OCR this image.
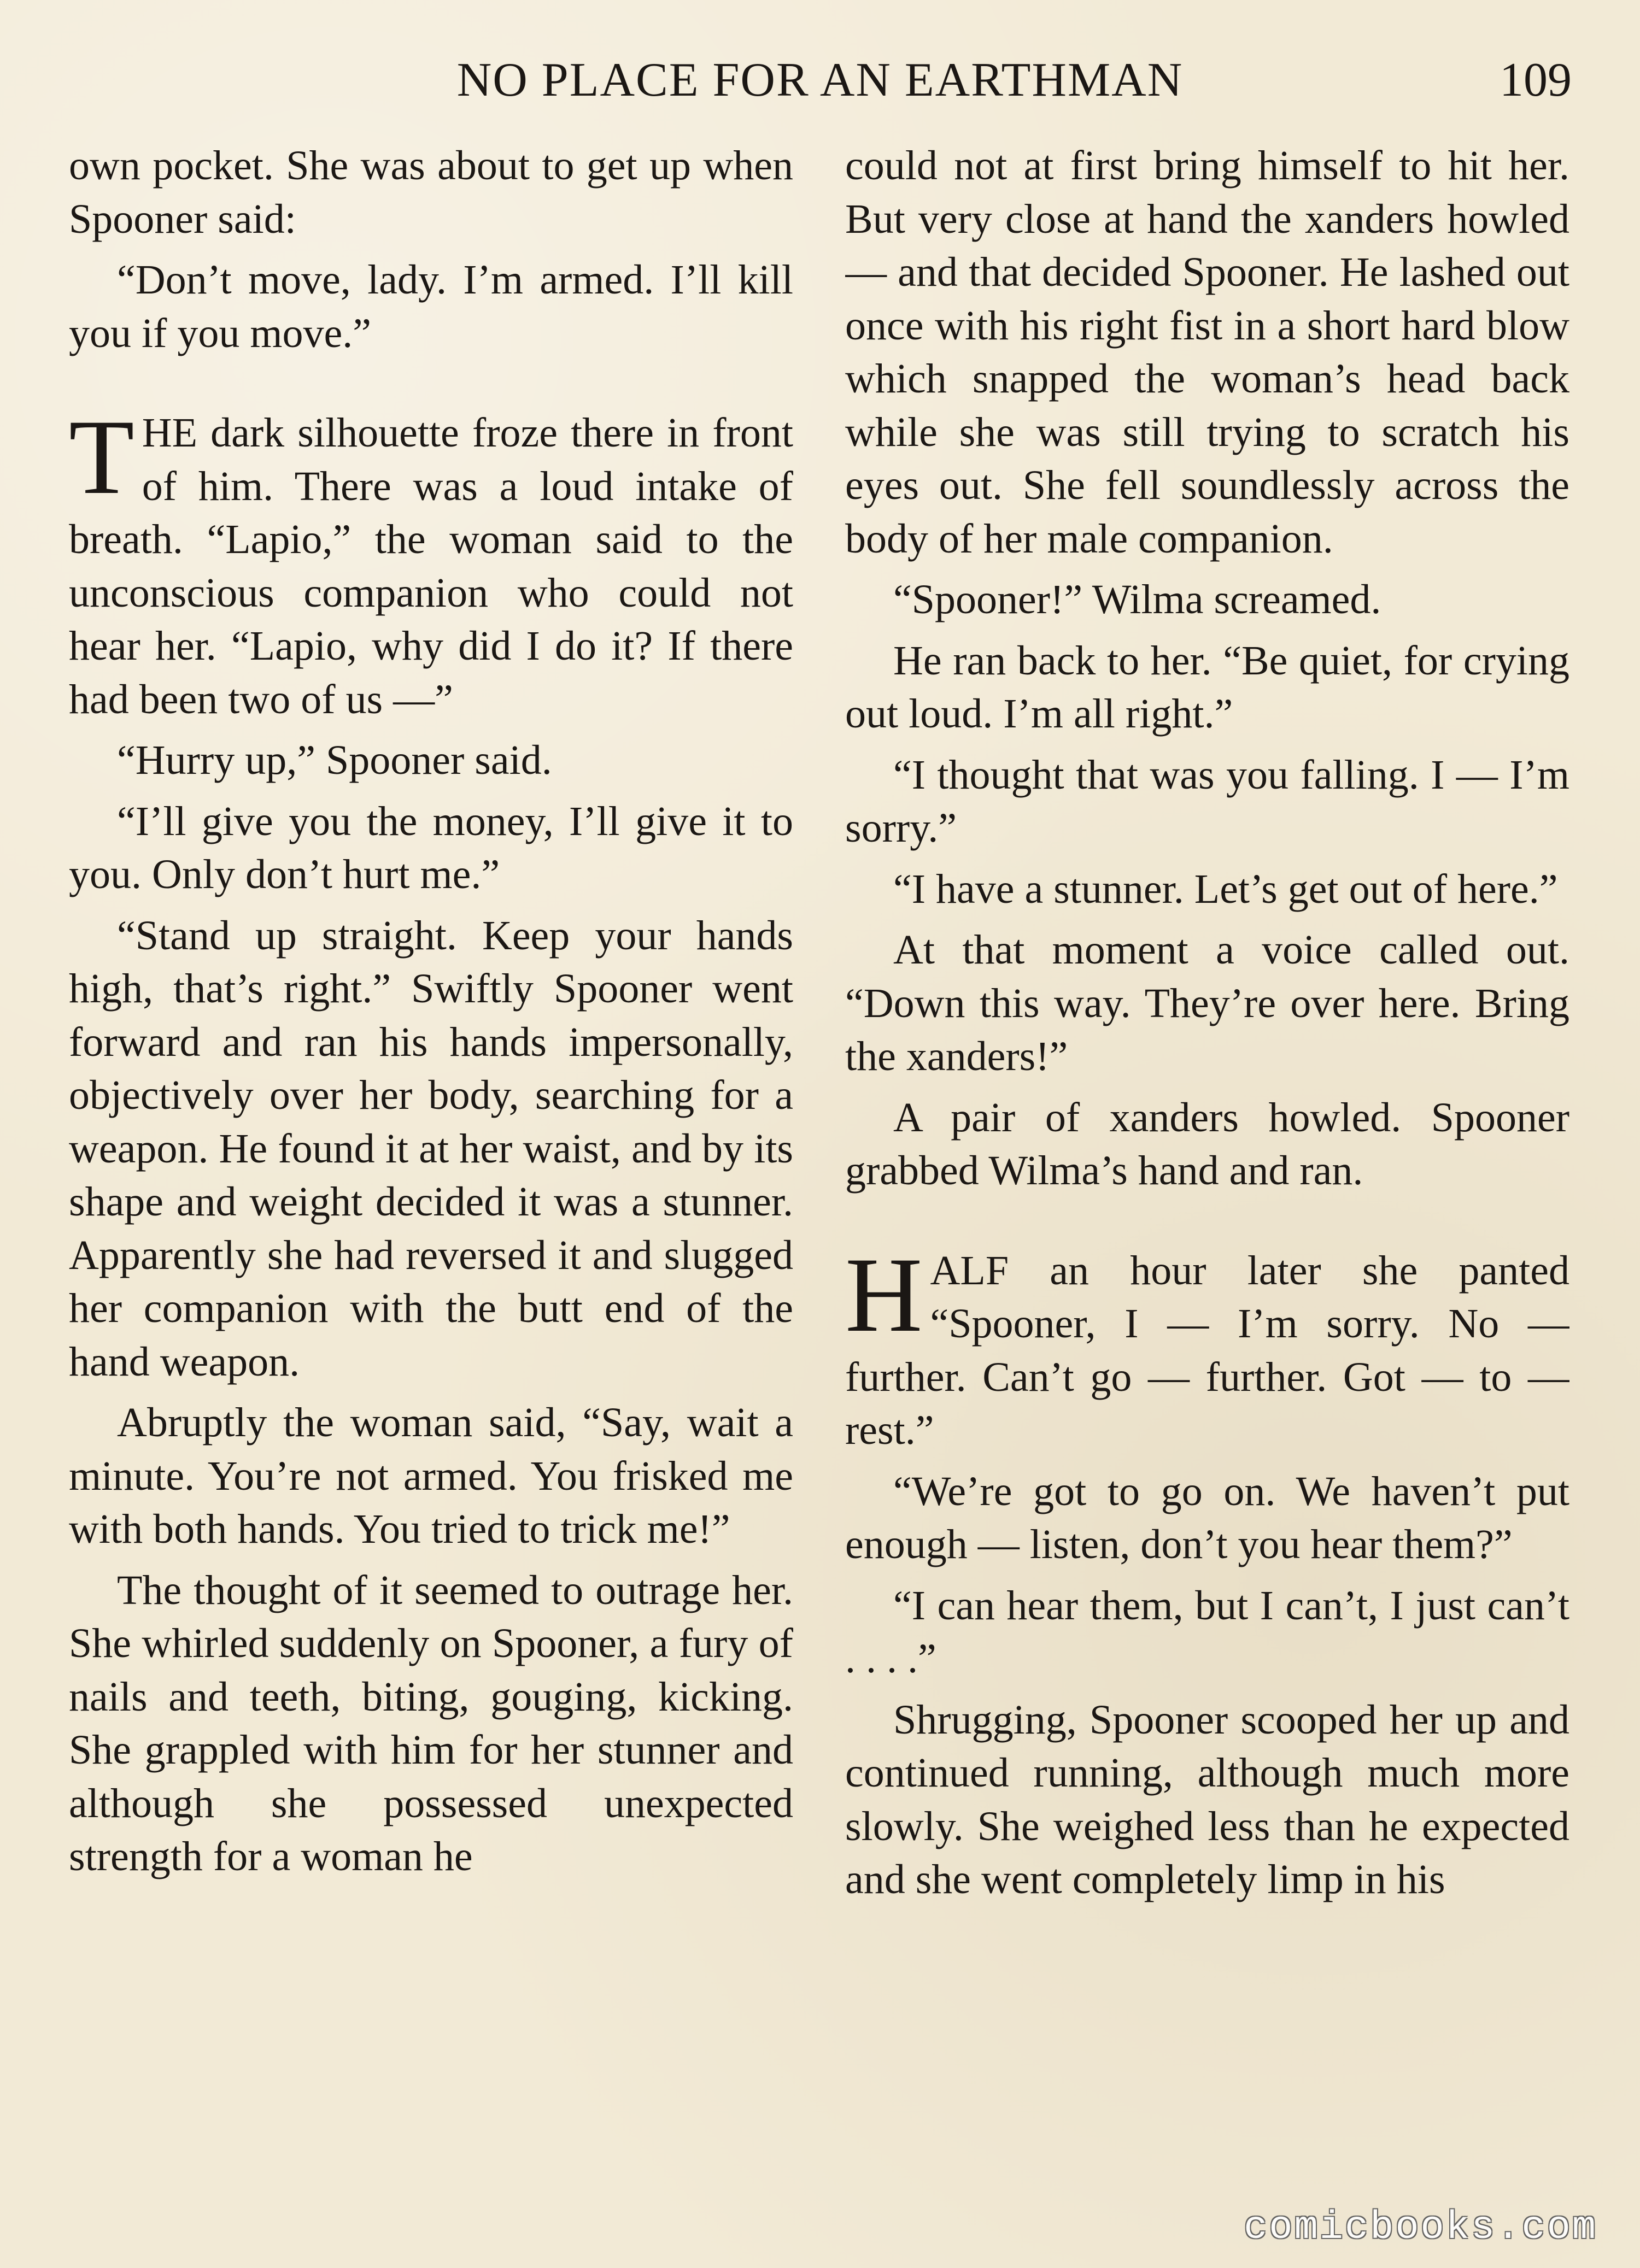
NO PLACE FOR AN EARTHMAN	109

own pocket. She was about to get up when Spooner said:

“Don’t move, lady. I’m armed. I’ll kill you if you move.”

T HE dark silhouette froze there in front of him. There was a loud intake of breath. “Lapio,” the woman said to the unconscious companion who could not hear her. “Lapio, why did I do it? If there had been two of us —”

“Hurry up,” Spooner said.

“I’ll give you the money, I’ll give it to you. Only don’t hurt me.”

“Stand up straight. Keep your hands high, that’s right.” Swiftly Spooner went forward and ran his hands impersonally, objectively over her body, searching for a weapon. He found it at her waist, and by its shape and weight decided it was a stunner. Apparently she had reversed it and slugged her companion with the butt end of the hand weapon.

Abruptly the woman said, “Say, wait a minute. You’re not armed. You frisked me with both hands. You tried to trick me!”

The thought of it seemed to outrage her. She whirled suddenly on Spooner, a fury of nails and teeth, biting, gouging, kicking. She grappled with him for her stunner and although she possessed unexpected strength for a woman he

could not at first bring himself to hit her. But very close at hand the xanders howled — and that decided Spooner. He lashed out once with his right fist in a short hard blow which snapped the woman’s head back while she was still trying to scratch his eyes out. She fell soundlessly across the body of her male companion.

“Spooner!” Wilma screamed.

He ran back to her. “Be quiet, for crying out loud. I’m all right.”

“I thought that was you falling. I — I’m sorry.”

“I have a stunner. Let’s get out of here.”

At that moment a voice called out. “Down this way. They’re over here. Bring the xanders!”

A pair of xanders howled. Spooner grabbed Wilma’s hand and ran.

H ALF an hour later she panted “Spooner, I — I’m sorry. No — further. Can’t go — further. Got — to — rest.”

“We’re got to go on. We haven’t put enough — listen, don’t you hear them?”

“I can hear them, but I can’t, I just can’t . . . .”

Shrugging, Spooner scooped her up and continued running, although much more slowly. She weighed less than he expected and she went completely limp in his

comicbooks.com
